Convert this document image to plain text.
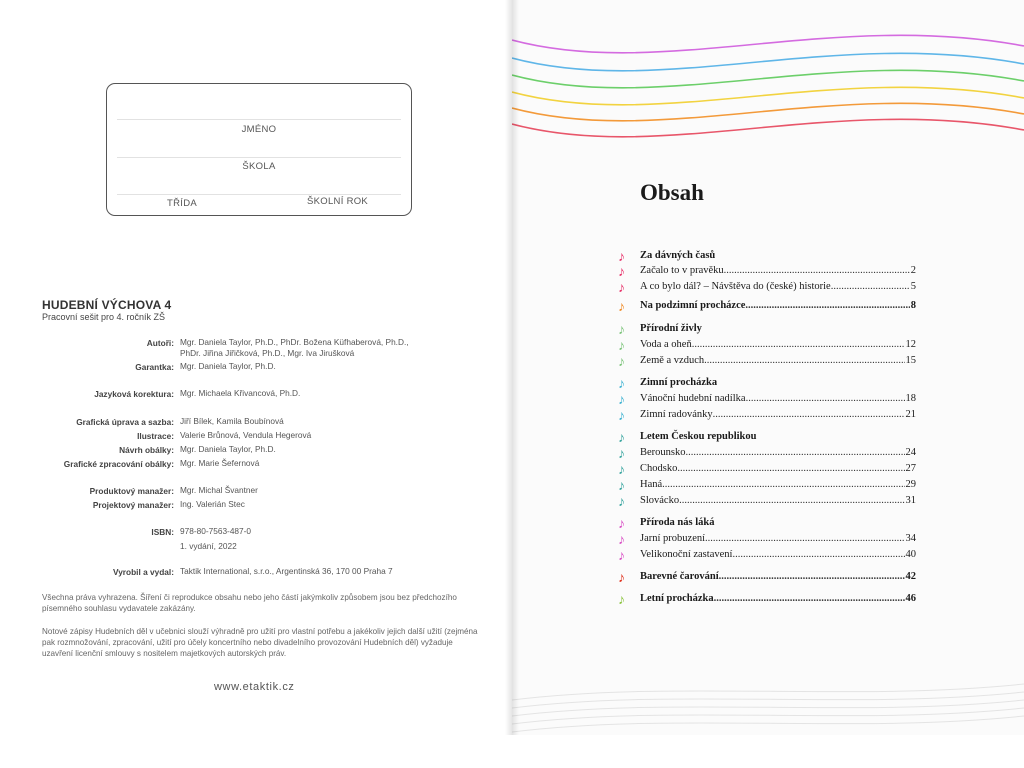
JMÉNO
ŠKOLA
TŘÍDA	ŠKOLNÍ ROK
HUDEBNÍ VÝCHOVA 4
Pracovní sešit pro 4. ročník ZŠ
Autoři: Mgr. Daniela Taylor, Ph.D., PhDr. Božena Küfhaberová, Ph.D.,
PhDr. Jiřina Jiřičková, Ph.D., Mgr. Iva Jirušková
Garantka: Mgr. Daniela Taylor, Ph.D.
Jazyková korektura: Mgr. Michaela Křivancová, Ph.D.
Grafická úprava a sazba: Jiří Bílek, Kamila Boubínová
Ilustrace: Valerie Brůnová, Vendula Hegerová
Návrh obálky: Mgr. Daniela Taylor, Ph.D.
Grafické zpracování obálky: Mgr. Marie Šefernová
Produktový manažer: Mgr. Michal Švantner
Projektový manažer: Ing. Valerián Stec
ISBN: 978-80-7563-487-0
1. vydání, 2022
Vyrobil a vydal: Taktik International, s.r.o., Argentinská 36, 170 00 Praha 7
Všechna práva vyhrazena. Šíření či reprodukce obsahu nebo jeho částí jakýmkoliv způsobem jsou bez předchozího písemného souhlasu vydavatele zakázány.
Notové zápisy Hudebních děl v učebnici slouží výhradně pro užití pro vlastní potřebu a jakékoliv jejich další užití (zejména pak rozmnožování, zpracování, užití pro účely koncertního nebo divadelního provozování Hudebních děl) vyžaduje uzavření licenční smlouvy s nositelem majetkových autorských práv.
www.etaktik.cz
Obsah
♪ Za dávných časů
♪ Začalo to v pravěku .....	2
♪ A co bylo dál? – Návštěva do (české) historie .....	5
♪ Na podzimní procházce .....	8
♪ Přírodní živly
♪ Voda a oheň .....	12
♪ Země a vzduch .....	15
♪ Zimní procházka
♪ Vánoční hudební nadílka .....	18
♪ Zimní radovánky .....	21
♪ Letem Českou republikou
♪ Berounsko .....	24
♪ Chodsko .....	27
♪ Haná .....	29
♪ Slovácko .....	31
♪ Příroda nás láká
♪ Jarní probuzení .....	34
♪ Velikonoční zastavení .....	40
♪ Barevné čarování .....	42
♪ Letní procházka .....	46
